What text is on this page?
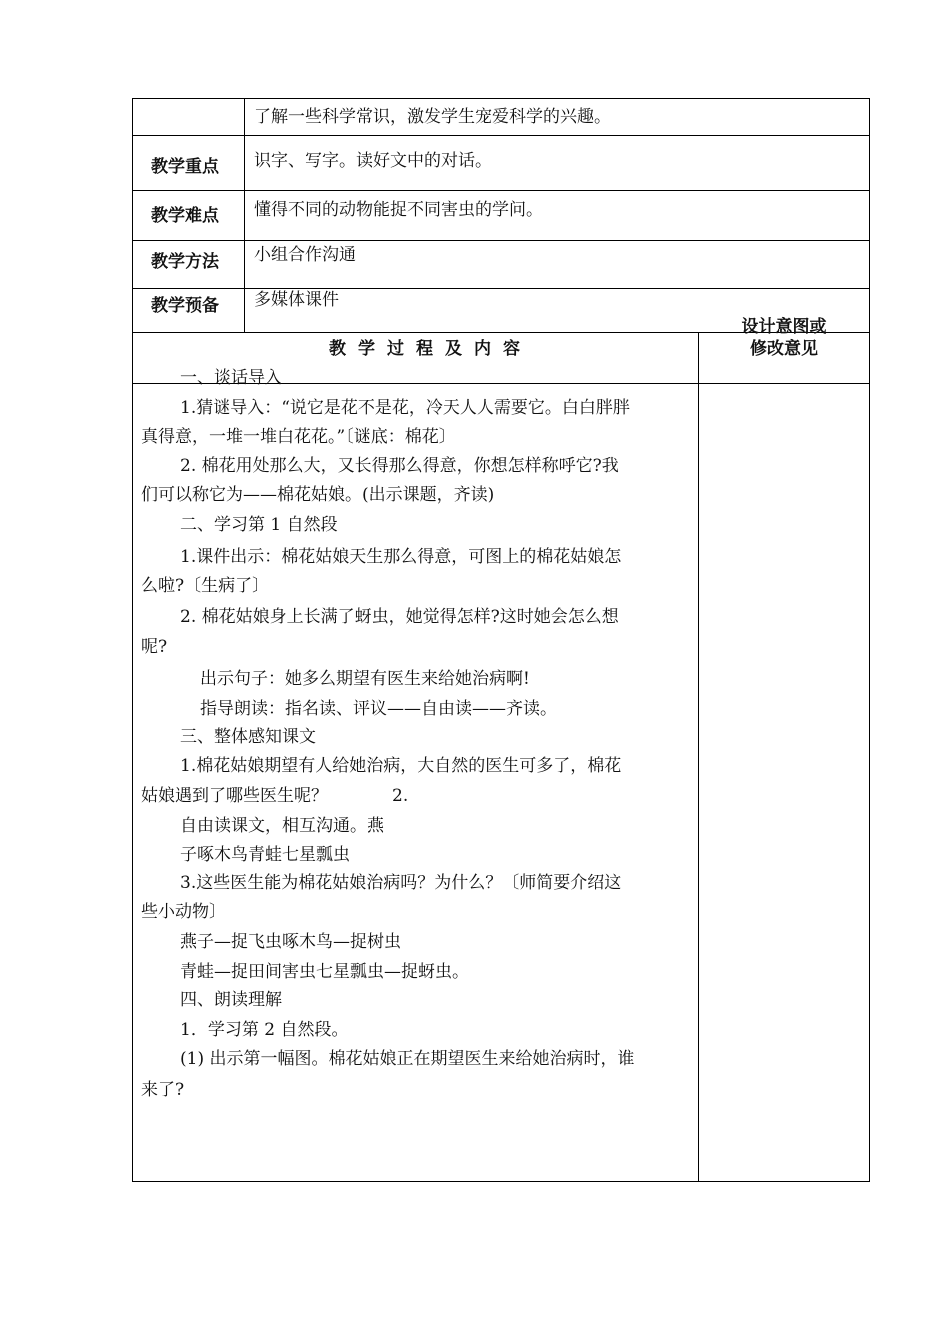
了解一些科学常识，激发学生宠爱科学的兴趣。
教学重点 识字、写字。读好文中的对话。
教学难点 懂得不同的动物能捉不同害虫的学问。
教学方法 小组合作沟通
教学预备 多媒体课件
教学过程及内容
设计意图或
修改意见
一、谈话导入
1.猜谜导入：“说它是花不是花，冷天人人需要它。白白胖胖
真得意，一堆一堆白花花。”〔谜底：棉花〕
2. 棉花用处那么大，又长得那么得意，你想怎样称呼它?我
们可以称它为——棉花姑娘。(出示课题，齐读)
二、学习第 1 自然段
1.课件出示：棉花姑娘天生那么得意，可图上的棉花姑娘怎
么啦?〔生病了〕
2. 棉花姑娘身上长满了蚜虫，她觉得怎样?这时她会怎么想
呢?
出示句子：她多么期望有医生来给她治病啊!
指导朗读：指名读、评议——自由读——齐读。
三、整体感知课文
1.棉花姑娘期望有人给她治病，大自然的医生可多了，棉花
姑娘遇到了哪些医生呢？	2.
自由读课文，相互沟通。燕
子啄木鸟青蛙七星瓢虫
3.这些医生能为棉花姑娘治病吗？为什么？〔师简要介绍这
些小动物〕
燕子—捉飞虫啄木鸟—捉树虫
青蛙—捉田间害虫七星瓢虫—捉蚜虫。
四、朗读理解
1．学习第 2 自然段。
(1) 出示第一幅图。棉花姑娘正在期望医生来给她治病时，谁
来了?
